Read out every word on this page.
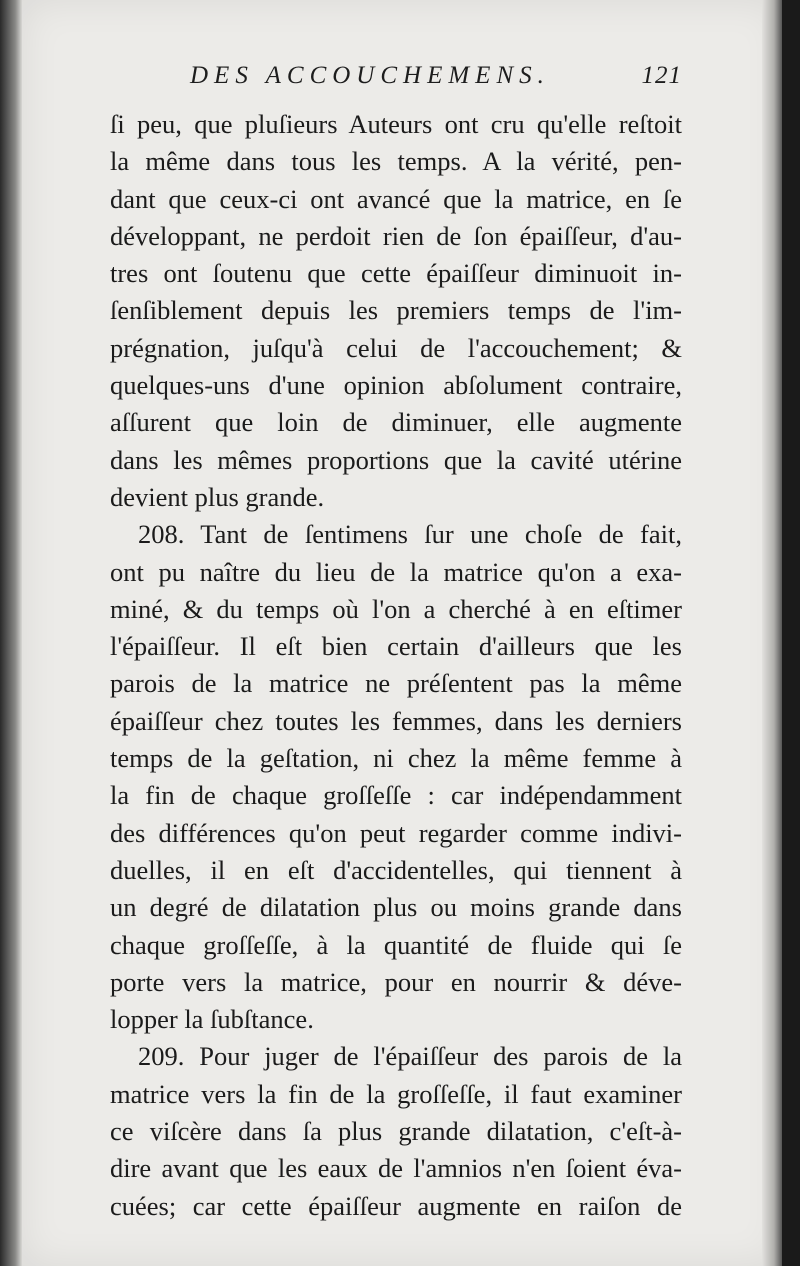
DES ACCOUCHEMENS.	121
ſi peu, que pluſieurs Auteurs ont cru qu'elle reſtoit
la même dans tous les temps. A la vérité, pen-
dant que ceux-ci ont avancé que la matrice, en ſe
développant, ne perdoit rien de ſon épaiſſeur, d'au-
tres ont ſoutenu que cette épaiſſeur diminuoit in-
ſenſiblement depuis les premiers temps de l'im-
prégnation, juſqu'à celui de l'accouchement; &
quelques-uns d'une opinion abſolument contraire,
aſſurent que loin de diminuer, elle augmente
dans les mêmes proportions que la cavité utérine
devient plus grande.
208. Tant de ſentimens ſur une choſe de fait,
ont pu naître du lieu de la matrice qu'on a exa-
miné, & du temps où l'on a cherché à en eſtimer
l'épaiſſeur. Il eſt bien certain d'ailleurs que les
parois de la matrice ne préſentent pas la même
épaiſſeur chez toutes les femmes, dans les derniers
temps de la geſtation, ni chez la même femme à
la fin de chaque groſſeſſe : car indépendamment
des différences qu'on peut regarder comme indivi-
duelles, il en eſt d'accidentelles, qui tiennent à
un degré de dilatation plus ou moins grande dans
chaque groſſeſſe, à la quantité de fluide qui ſe
porte vers la matrice, pour en nourrir & déve-
lopper la ſubſtance.
209. Pour juger de l'épaiſſeur des parois de la
matrice vers la fin de la groſſeſſe, il faut examiner
ce viſcère dans ſa plus grande dilatation, c'eſt-à-
dire avant que les eaux de l'amnios n'en ſoient éva-
cuées; car cette épaiſſeur augmente en raiſon de
